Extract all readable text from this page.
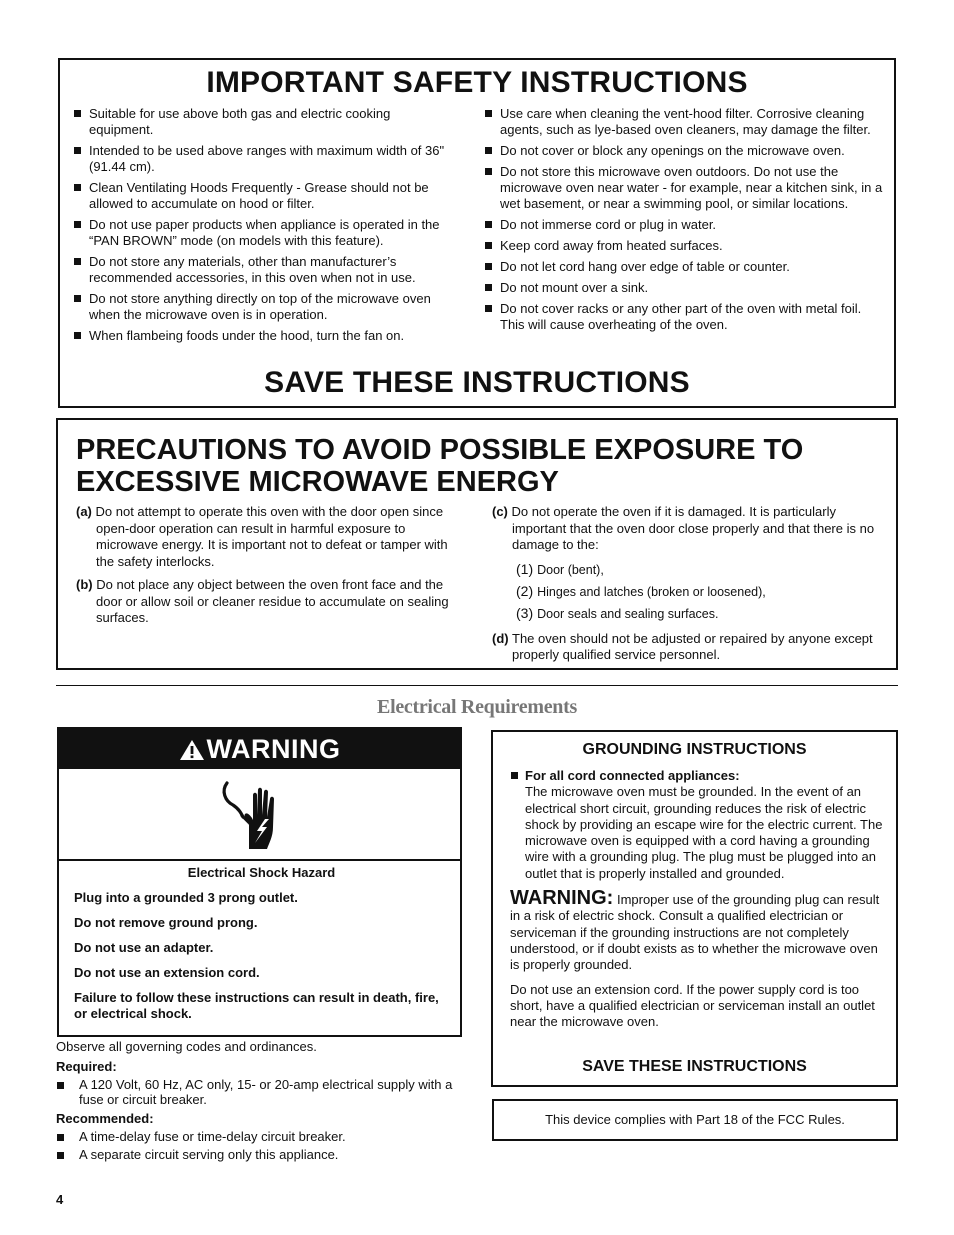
IMPORTANT SAFETY INSTRUCTIONS
Suitable for use above both gas and electric cooking equipment.
Intended to be used above ranges with maximum width of 36" (91.44 cm).
Clean Ventilating Hoods Frequently - Grease should not be allowed to accumulate on hood or filter.
Do not use paper products when appliance is operated in the “PAN BROWN” mode (on models with this feature).
Do not store any materials, other than manufacturer’s recommended accessories, in this oven when not in use.
Do not store anything directly on top of the microwave oven when the microwave oven is in operation.
When flambeing foods under the hood, turn the fan on.
Use care when cleaning the vent-hood filter. Corrosive cleaning agents, such as lye-based oven cleaners, may damage the filter.
Do not cover or block any openings on the microwave oven.
Do not store this microwave oven outdoors. Do not use the microwave oven near water - for example, near a kitchen sink, in a wet basement, or near a swimming pool, or similar locations.
Do not immerse cord or plug in water.
Keep cord away from heated surfaces.
Do not let cord hang over edge of table or counter.
Do not mount over a sink.
Do not cover racks or any other part of the oven with metal foil. This will cause overheating of the oven.
SAVE THESE INSTRUCTIONS
PRECAUTIONS TO AVOID POSSIBLE EXPOSURE TO EXCESSIVE MICROWAVE ENERGY
(a) Do not attempt to operate this oven with the door open since open-door operation can result in harmful exposure to microwave energy. It is important not to defeat or tamper with the safety interlocks.
(b) Do not place any object between the oven front face and the door or allow soil or cleaner residue to accumulate on sealing surfaces.
(c) Do not operate the oven if it is damaged. It is particularly important that the oven door close properly and that there is no damage to the:
(1) Door (bent),
(2) Hinges and latches (broken or loosened),
(3) Door seals and sealing surfaces.
(d) The oven should not be adjusted or repaired by anyone except properly qualified service personnel.
Electrical Requirements
WARNING
Electrical Shock Hazard
Plug into a grounded 3 prong outlet.
Do not remove ground prong.
Do not use an adapter.
Do not use an extension cord.
Failure to follow these instructions can result in death, fire, or electrical shock.
Observe all governing codes and ordinances.
Required:
A 120 Volt, 60 Hz, AC only, 15- or 20-amp electrical supply with a fuse or circuit breaker.
Recommended:
A time-delay fuse or time-delay circuit breaker.
A separate circuit serving only this appliance.
GROUNDING INSTRUCTIONS
For all cord connected appliances:
The microwave oven must be grounded. In the event of an electrical short circuit, grounding reduces the risk of electric shock by providing an escape wire for the electric current. The microwave oven is equipped with a cord having a grounding wire with a grounding plug. The plug must be plugged into an outlet that is properly installed and grounded.
WARNING: Improper use of the grounding plug can result in a risk of electric shock. Consult a qualified electrician or serviceman if the grounding instructions are not completely understood, or if doubt exists as to whether the microwave oven is properly grounded.
Do not use an extension cord. If the power supply cord is too short, have a qualified electrician or serviceman install an outlet near the microwave oven.
SAVE THESE INSTRUCTIONS
This device complies with Part 18 of the FCC Rules.
4
